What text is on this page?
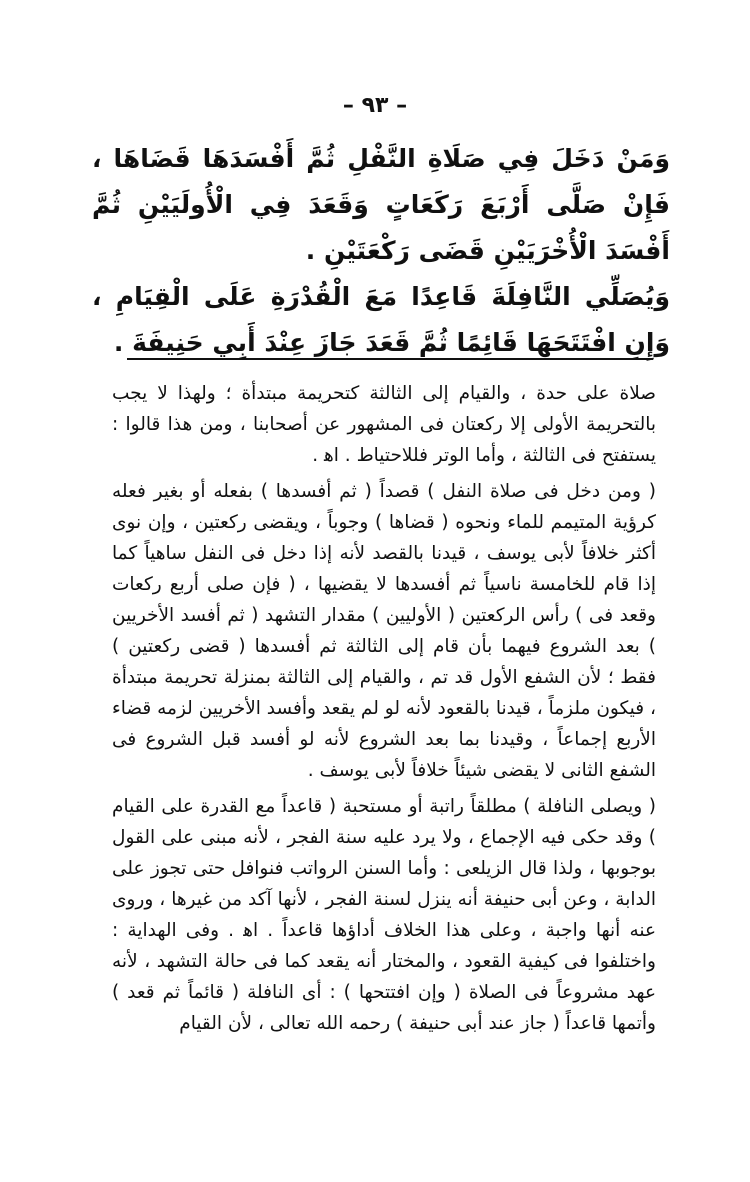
– ٩٣ –

وَمَنْ دَخَلَ فِي صَلَاةِ النَّفْلِ ثُمَّ أَفْسَدَهَا قَضَاهَا ، فَإِنْ صَلَّى أَرْبَعَ رَكَعَاتٍ وَقَعَدَ فِي الْأُولَيَيْنِ ثُمَّ أَفْسَدَ الْأُخْرَيَيْنِ قَضَى رَكْعَتَيْنِ .

وَيُصَلِّي النَّافِلَةَ قَاعِدًا مَعَ الْقُدْرَةِ عَلَى الْقِيَامِ ، وَإِنِ افْتَتَحَهَا قَائِمًا ثُمَّ قَعَدَ جَازَ عِنْدَ أَبِي حَنِيفَةَ .

صلاة على حدة ، والقيام إلى الثالثة كتحريمة مبتدأة ؛ ولهذا لا يجب بالتحريمة الأولى إلا ركعتان فى المشهور عن أصحابنا ، ومن هذا قالوا : يستفتح فى الثالثة ، وأما الوتر فللاحتياط . اﻫ .

( ومن دخل فى صلاة النفل ) قصداً ( ثم أفسدها ) بفعله أو بغير فعله كرؤية المتيمم للماء ونحوه ( قضاها ) وجوباً ، ويقضى ركعتين ، وإن نوى أكثر خلافاً لأبى يوسف ، قيدنا بالقصد لأنه إذا دخل فى النفل ساهياً كما إذا قام للخامسة ناسياً ثم أفسدها لا يقضيها ، ( فإن صلى أربع ركعات وقعد فى ) رأس الركعتين ( الأوليين ) مقدار التشهد ( ثم أفسد الأخريين ) بعد الشروع فيهما بأن قام إلى الثالثة ثم أفسدها ( قضى ركعتين ) فقط ؛ لأن الشفع الأول قد تم ، والقيام إلى الثالثة بمنزلة تحريمة مبتدأة ، فيكون ملزماً ، قيدنا بالقعود لأنه لو لم يقعد وأفسد الأخريين لزمه قضاء الأربع إجماعاً ، وقيدنا بما بعد الشروع لأنه لو أفسد قبل الشروع فى الشفع الثانى لا يقضى شيئاً خلافاً لأبى يوسف .

( ويصلى النافلة ) مطلقاً راتبة أو مستحبة ( قاعداً مع القدرة على القيام ) وقد حكى فيه الإجماع ، ولا يرد عليه سنة الفجر ، لأنه مبنى على القول بوجوبها ، ولذا قال الزيلعى : وأما السنن الرواتب فنوافل حتى تجوز على الدابة ، وعن أبى حنيفة أنه ينزل لسنة الفجر ، لأنها آكد من غيرها ، وروى عنه أنها واجبة ، وعلى هذا الخلاف أداؤها قاعداً . اﻫ . وفى الهداية : واختلفوا فى كيفية القعود ، والمختار أنه يقعد كما فى حالة التشهد ، لأنه عهد مشروعاً فى الصلاة ( وإن افتتحها ) : أى النافلة ( قائماً ثم قعد ) وأتمها قاعداً ( جاز عند أبى حنيفة ) رحمه الله تعالى ، لأن القيام
